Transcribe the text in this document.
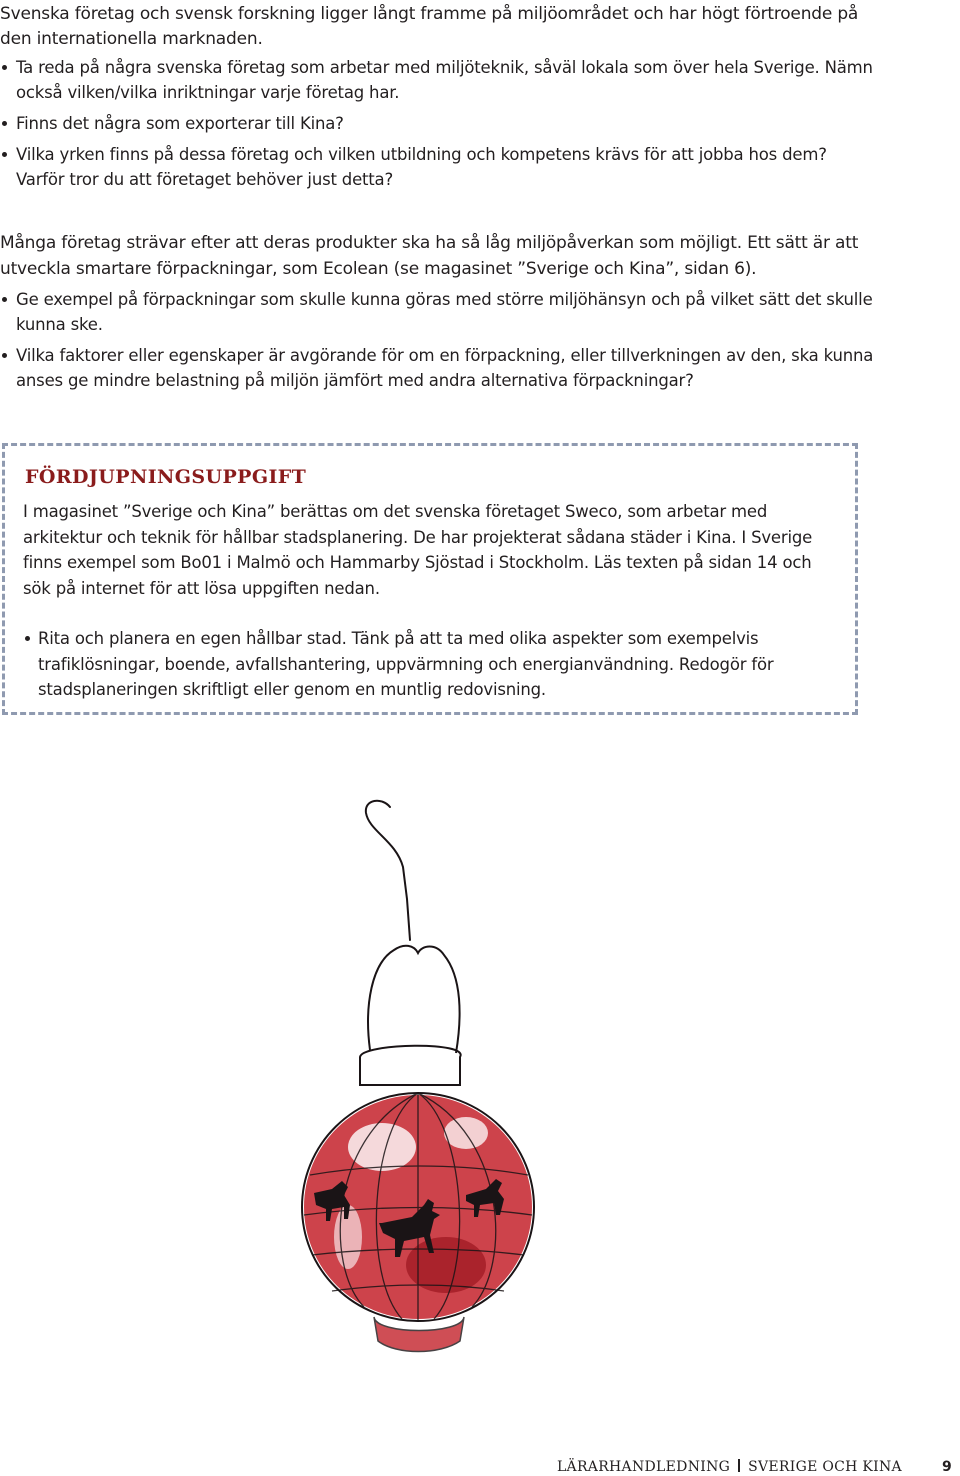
Svenska företag och svensk forskning ligger långt framme på miljöområdet och har högt förtroende på den internationella marknaden.

Ta reda på några svenska företag som arbetar med miljöteknik, såväl lokala som över hela Sverige. Nämn också vilken/vilka inriktningar varje företag har.
Finns det några som exporterar till Kina?
Vilka yrken finns på dessa företag och vilken utbildning och kompetens krävs för att jobba hos dem? Varför tror du att företaget behöver just detta?

Många företag strävar efter att deras produkter ska ha så låg miljöpåverkan som möjligt. Ett sätt är att utveckla smartare förpackningar, som Ecolean (se magasinet ”Sverige och Kina”, sidan 6).

Ge exempel på förpackningar som skulle kunna göras med större miljöhänsyn och på vilket sätt det skulle kunna ske.
Vilka faktorer eller egenskaper är avgörande för om en förpackning, eller tillverkningen av den, ska kunna anses ge mindre belastning på miljön jämfört med andra alternativa förpackningar?
FÖRDJUPNINGSUPPGIFT

I magasinet ”Sverige och Kina” berättas om det svenska företaget Sweco, som arbetar med arkitektur och teknik för hållbar stadsplanering. De har projekterat sådana städer i Kina. I Sverige finns exempel som Bo01 i Malmö och Hammarby Sjöstad i Stockholm. Läs texten på sidan 14 och sök på internet för att lösa uppgiften nedan.

Rita och planera en egen hållbar stad. Tänk på att ta med olika aspekter som exempelvis trafiklösningar, boende, avfallshantering, uppvärmning och energianvändning. Redogör för stadsplaneringen skriftligt eller genom en muntlig redovisning.
LÄRARHANDLEDNING SVERIGE OCH KINA	9
